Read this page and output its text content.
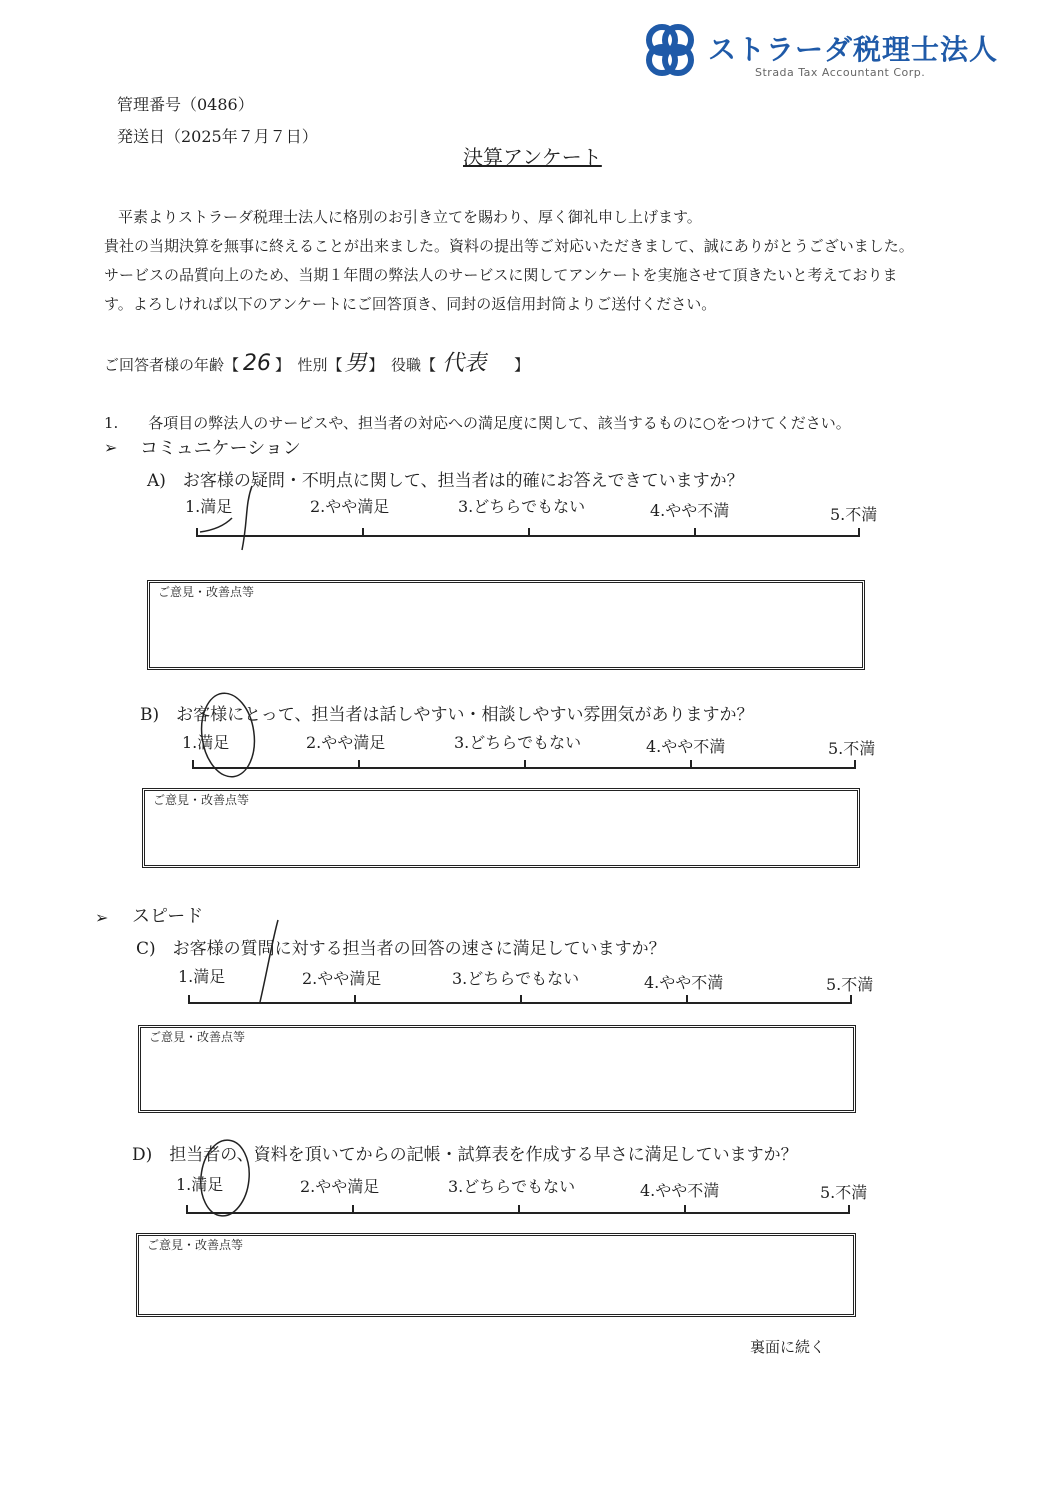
ストラーダ税理士法人
Strada Tax Accountant Corp.
管理番号（0486）
発送日（2025年７月７日）
決算アンケート
平素よりストラーダ税理士法人に格別のお引き立てを賜わり、厚く御礼申し上げます。
貴社の当期決算を無事に終えることが出来ました。資料の提出等ご対応いただきまして、誠にありがとうございました。
サービスの品質向上のため、当期１年間の弊法人のサービスに関してアンケートを実施させて頂きたいと考えておりま
す。よろしければ以下のアンケートにご回答頂き、同封の返信用封筒よりご送付ください。
ご回答者様の年齢【 26 】　性別【 男 】　役職【 代表 】
1.　　各項目の弊法人のサービスや、担当者の対応への満足度に関して、該当するものに○をつけてください。
➢ コミュニケーション
A)　お客様の疑問・不明点に関して、担当者は的確にお答えできていますか？
1.満足	2.やや満足	3.どちらでもない	4.やや不満	5.不満
ご意見・改善点等
B)　お客様にとって、担当者は話しやすい・相談しやすい雰囲気がありますか？
1.満足	2.やや満足	3.どちらでもない	4.やや不満	5.不満
ご意見・改善点等
➢ スピード
C)　お客様の質問に対する担当者の回答の速さに満足していますか？
1.満足	2.やや満足	3.どちらでもない	4.やや不満	5.不満
ご意見・改善点等
D)　担当者の、資料を頂いてからの記帳・試算表を作成する早さに満足していますか？
1.満足	2.やや満足	3.どちらでもない	4.やや不満	5.不満
ご意見・改善点等
裏面に続く
